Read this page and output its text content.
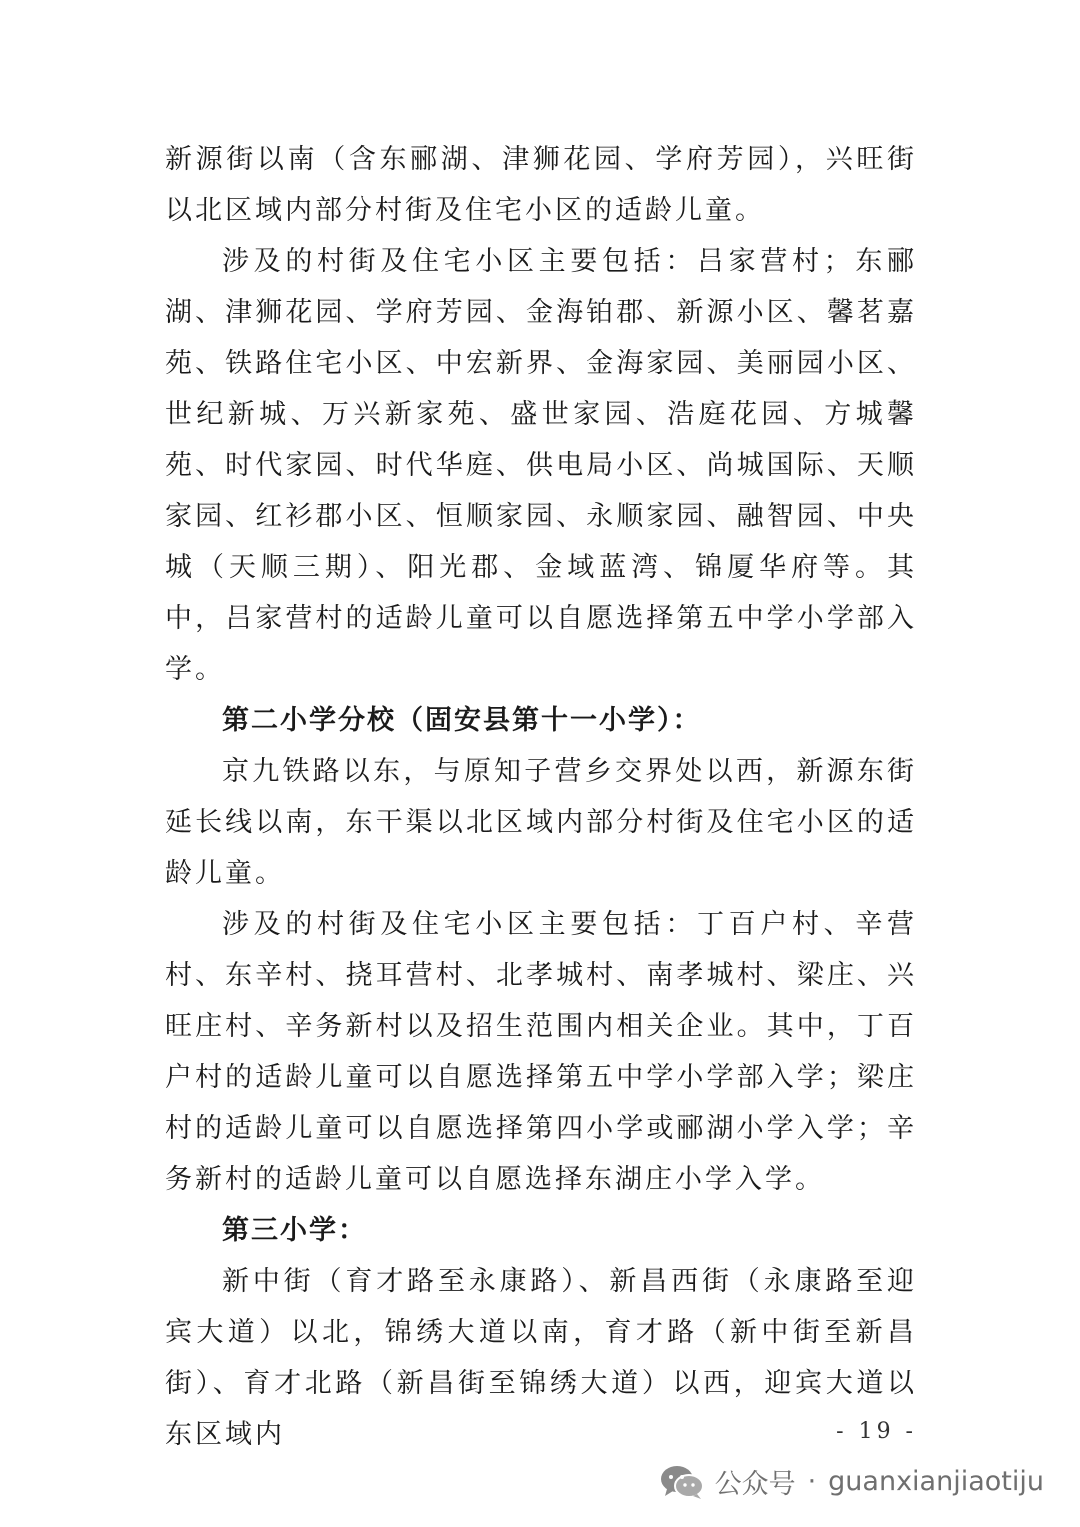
新源街以南（含东郦湖、津狮花园、学府芳园），兴旺街以北区域内部分村街及住宅小区的适龄儿童。

涉及的村街及住宅小区主要包括：吕家营村；东郦湖、津狮花园、学府芳园、金海铂郡、新源小区、馨茗嘉苑、铁路住宅小区、中宏新界、金海家园、美丽园小区、世纪新城、万兴新家苑、盛世家园、浩庭花园、方城馨苑、时代家园、时代华庭、供电局小区、尚城国际、天顺家园、红衫郡小区、恒顺家园、永顺家园、融智园、中央城（天顺三期）、阳光郡、金域蓝湾、锦厦华府等。其中，吕家营村的适龄儿童可以自愿选择第五中学小学部入学。

第二小学分校（固安县第十一小学）：

京九铁路以东，与原知子营乡交界处以西，新源东街延长线以南，东干渠以北区域内部分村街及住宅小区的适龄儿童。

涉及的村街及住宅小区主要包括：丁百户村、辛营村、东辛村、挠耳营村、北孝城村、南孝城村、梁庄、兴旺庄村、辛务新村以及招生范围内相关企业。其中，丁百户村的适龄儿童可以自愿选择第五中学小学部入学；梁庄村的适龄儿童可以自愿选择第四小学或郦湖小学入学；辛务新村的适龄儿童可以自愿选择东湖庄小学入学。

第三小学：

新中街（育才路至永康路）、新昌西街（永康路至迎宾大道）以北，锦绣大道以南，育才路（新中街至新昌街）、育才北路（新昌街至锦绣大道）以西，迎宾大道以东区域内	- 19 -
公众号 · guanxianjiaotiju
